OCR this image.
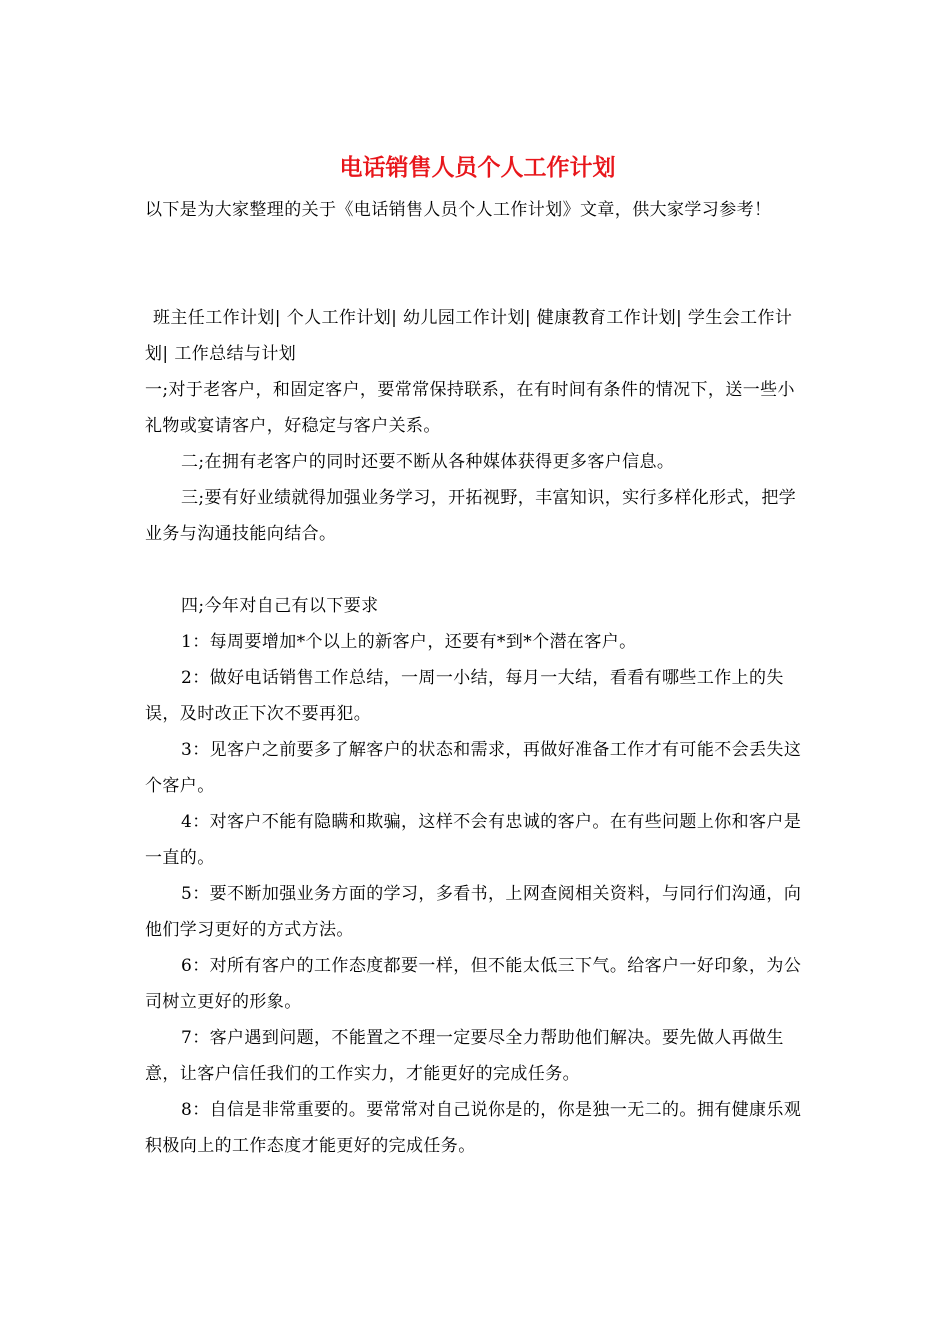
电话销售人员个人工作计划

以下是为大家整理的关于《电话销售人员个人工作计划》文章，供大家学习参考！

班主任工作计划| 个人工作计划| 幼儿园工作计划| 健康教育工作计划| 学生会工作计划| 工作总结与计划

一;对于老客户，和固定客户，要常常保持联系，在有时间有条件的情况下，送一些小礼物或宴请客户，好稳定与客户关系。

二;在拥有老客户的同时还要不断从各种媒体获得更多客户信息。

三;要有好业绩就得加强业务学习，开拓视野，丰富知识，实行多样化形式，把学业务与沟通技能向结合。

四;今年对自己有以下要求

1：每周要增加*个以上的新客户，还要有*到*个潜在客户。

2：做好电话销售工作总结，一周一小结，每月一大结，看看有哪些工作上的失误，及时改正下次不要再犯。

3：见客户之前要多了解客户的状态和需求，再做好准备工作才有可能不会丢失这个客户。

4：对客户不能有隐瞒和欺骗，这样不会有忠诚的客户。在有些问题上你和客户是一直的。

5：要不断加强业务方面的学习，多看书，上网查阅相关资料，与同行们沟通，向他们学习更好的方式方法。

6：对所有客户的工作态度都要一样，但不能太低三下气。给客户一好印象，为公司树立更好的形象。

7：客户遇到问题，不能置之不理一定要尽全力帮助他们解决。要先做人再做生意，让客户信任我们的工作实力，才能更好的完成任务。

8：自信是非常重要的。要常常对自己说你是的，你是独一无二的。拥有健康乐观积极向上的工作态度才能更好的完成任务。
